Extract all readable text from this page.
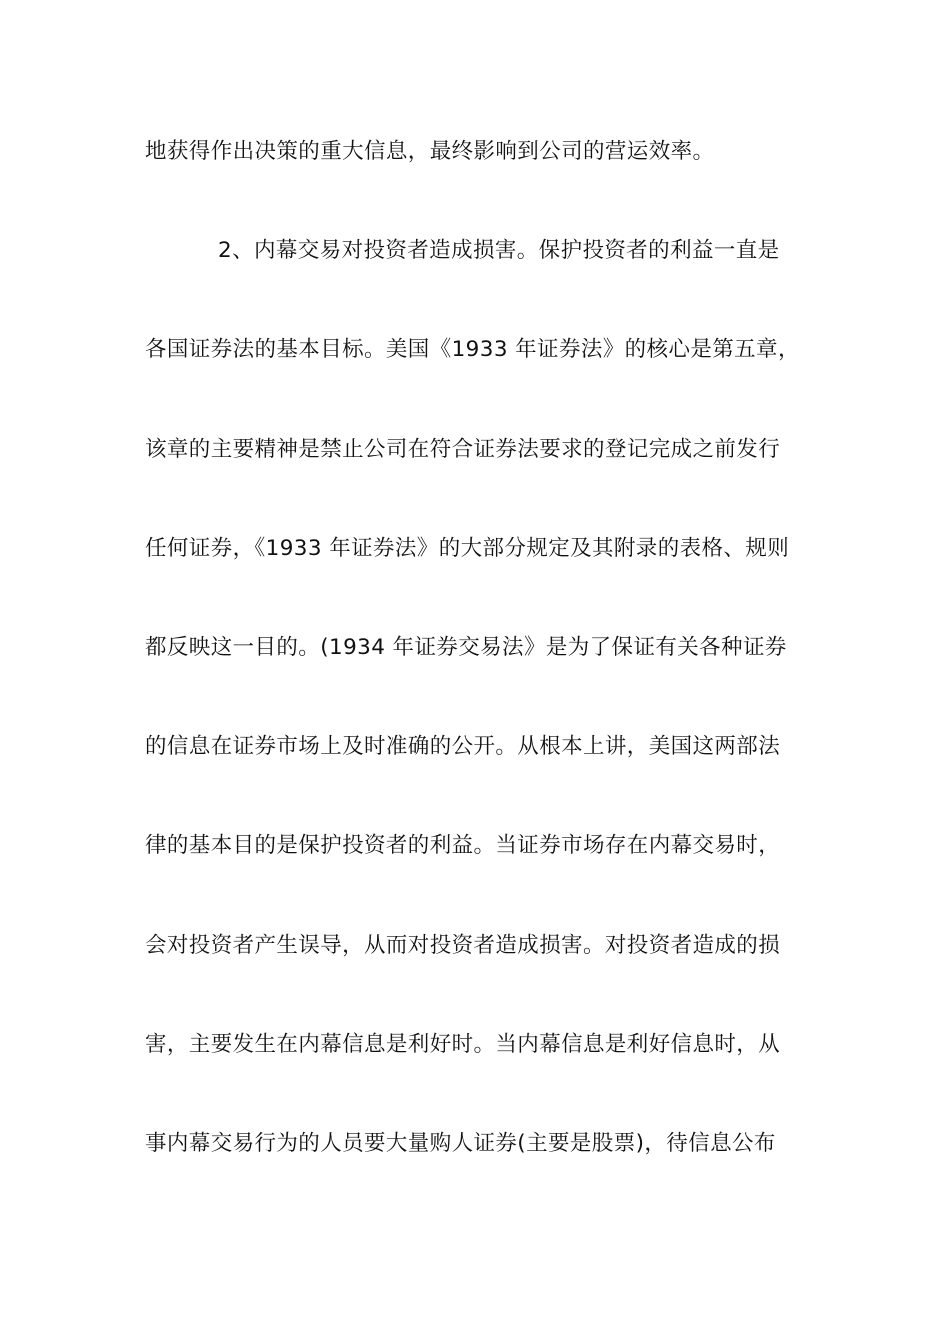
地获得作出决策的重大信息，最终影响到公司的营运效率。
2、内幕交易对投资者造成损害。保护投资者的利益一直是
各国证券法的基本目标。美国《1933 年证券法》的核心是第五章，
该章的主要精神是禁止公司在符合证券法要求的登记完成之前发行
任何证券，《1933 年证券法》的大部分规定及其附录的表格、规则
都反映这一目的。(1934 年证券交易法》是为了保证有关各种证券
的信息在证券市场上及时准确的公开。从根本上讲，美国这两部法
律的基本目的是保护投资者的利益。当证券市场存在内幕交易时，
会对投资者产生误导，从而对投资者造成损害。对投资者造成的损
害，主要发生在内幕信息是利好时。当内幕信息是利好信息时，从
事内幕交易行为的人员要大量购人证券(主要是股票)，待信息公布
